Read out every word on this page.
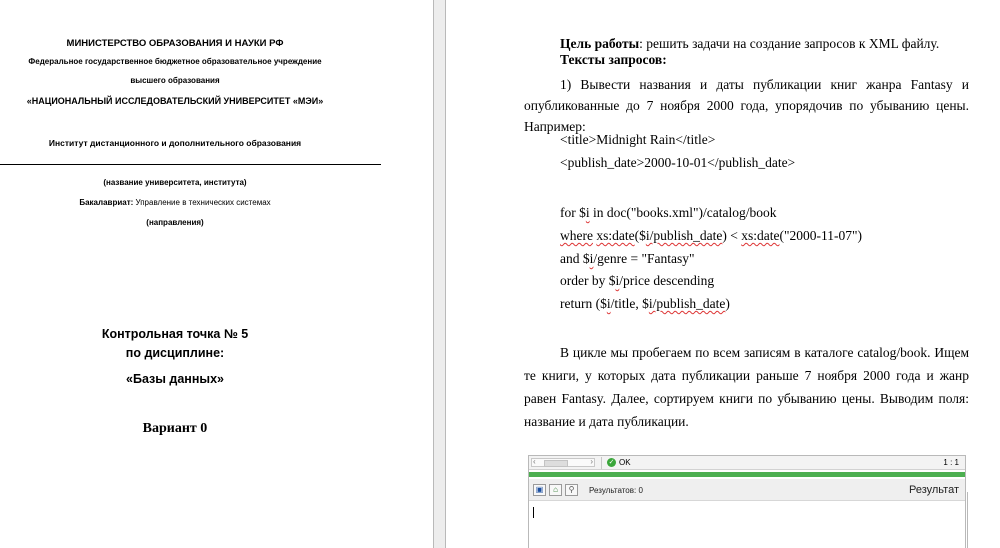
МИНИСТЕРСТВО ОБРАЗОВАНИЯ И НАУКИ РФ
Федеральное государственное бюджетное образовательное учреждение
высшего образования
«НАЦИОНАЛЬНЫЙ ИССЛЕДОВАТЕЛЬСКИЙ УНИВЕРСИТЕТ «МЭИ»
Институт дистанционного и дополнительного образования
(название университета, института)
Бакалавриат: Управление в технических системах
(направления)
Контрольная точка № 5
по дисциплине:
«Базы данных»
Вариант 0
Цель работы: решить задачи на создание запросов к XML файлу.
Тексты запросов:
1) Вывести названия и даты публикации книг жанра Fantasy и опубликованные до 7 ноября 2000 года, упорядочив по убыванию цены. Например:
<title>Midnight Rain</title>
<publish_date>2000-10-01</publish_date>
for $i in doc("books.xml")/catalog/book
where xs:date($i/publish_date) < xs:date("2000-11-07")
and $i/genre = "Fantasy"
order by $i/price descending
return ($i/title, $i/publish_date)
В цикле мы пробегаем по всем записям в каталоге catalog/book. Ищем те книги, у которых дата публикации раньше 7 ноября 2000 года и жанр равен Fantasy. Далее, сортируем книги по убыванию цены. Выводим поля: название и дата публикации.
‹	› ✓ OK	1 : 1
▣	⌂	⚲	Результатов: 0	Результат
